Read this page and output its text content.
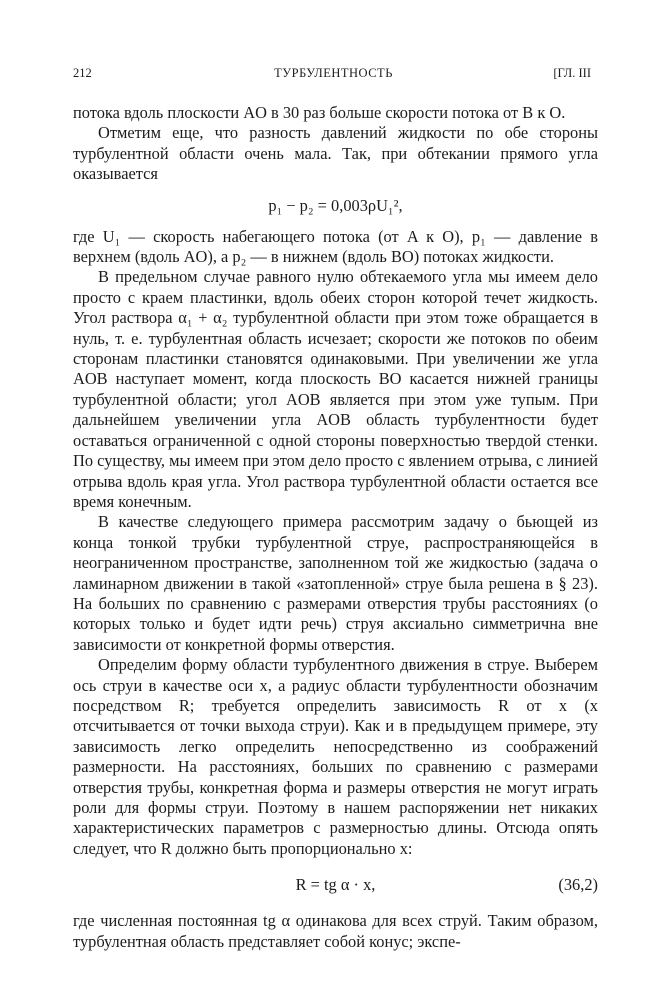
212	ТУРБУЛЕНТНОСТЬ	[ГЛ. III

потока вдоль плоскости AO в 30 раз больше скорости потока от B к O.

Отметим еще, что разность давлений жидкости по обе стороны турбулентной области очень мала. Так, при обтекании прямого угла оказывается

p₁ − p₂ = 0,003ρU₁²,

где U₁ — скорость набегающего потока (от A к O), p₁ — давление в верхнем (вдоль AO), а p₂ — в нижнем (вдоль BO) потоках жидкости.

В предельном случае равного нулю обтекаемого угла мы имеем дело просто с краем пластинки, вдоль обеих сторон которой течет жидкость. Угол раствора α₁ + α₂ турбулентной области при этом тоже обращается в нуль, т. е. турбулентная область исчезает; скорости же потоков по обеим сторонам пластинки становятся одинаковыми. При увеличении же угла AOB наступает момент, когда плоскость BO касается нижней границы турбулентной области; угол AOB является при этом уже тупым. При дальнейшем увеличении угла AOB область турбулентности будет оставаться ограниченной с одной стороны поверхностью твердой стенки. По существу, мы имеем при этом дело просто с явлением отрыва, с линией отрыва вдоль края угла. Угол раствора турбулентной области остается все время конечным.

В качестве следующего примера рассмотрим задачу о бьющей из конца тонкой трубки турбулентной струе, распространяющейся в неограниченном пространстве, заполненном той же жидкостью (задача о ламинарном движении в такой «затопленной» струе была решена в § 23). На больших по сравнению с размерами отверстия трубы расстояниях (о которых только и будет идти речь) струя аксиально симметрична вне зависимости от конкретной формы отверстия.

Определим форму области турбулентного движения в струе. Выберем ось струи в качестве оси x, а радиус области турбулентности обозначим посредством R; требуется определить зависимость R от x (x отсчитывается от точки выхода струи). Как и в предыдущем примере, эту зависимость легко определить непосредственно из соображений размерности. На расстояниях, больших по сравнению с размерами отверстия трубы, конкретная форма и размеры отверстия не могут играть роли для формы струи. Поэтому в нашем распоряжении нет никаких характеристических параметров с размерностью длины. Отсюда опять следует, что R должно быть пропорционально x:

R = tg α · x,	(36,2)

где численная постоянная tg α одинакова для всех струй. Таким образом, турбулентная область представляет собой конус; экспе-
